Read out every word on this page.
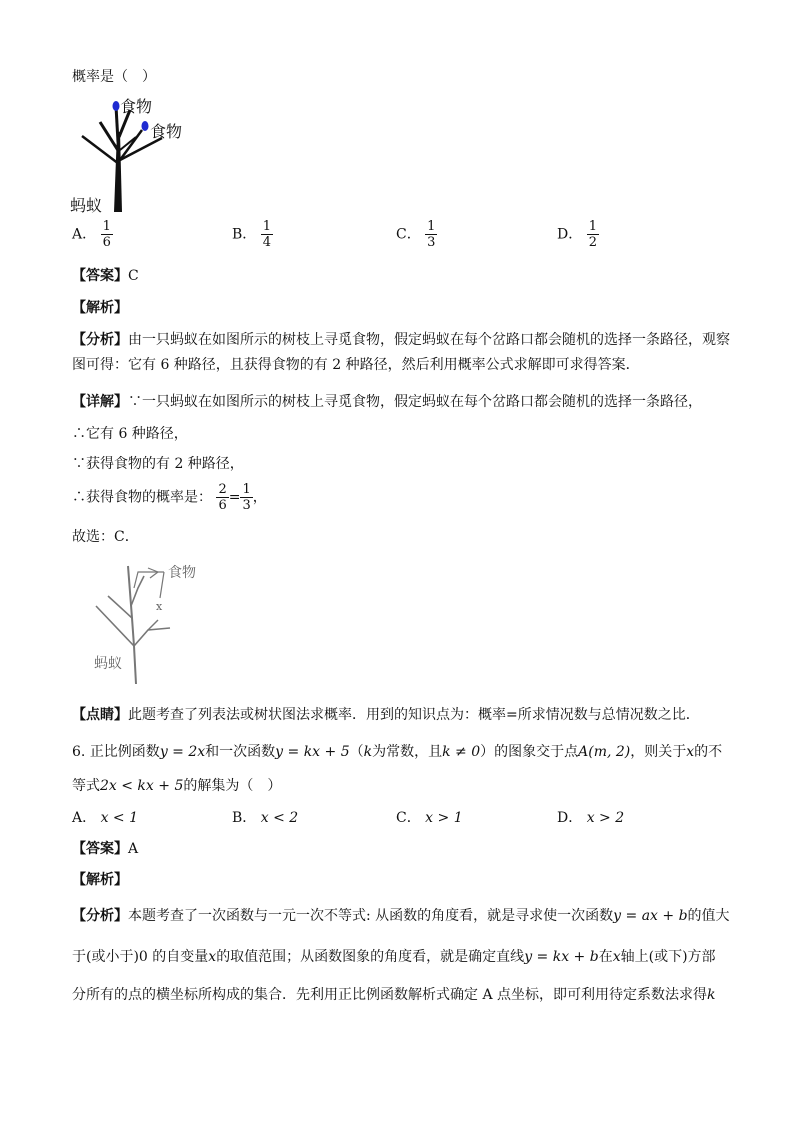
概率是（　）
食物
食物
蚂蚁
A． $\frac{1}{6}$	B． $\frac{1}{4}$	C． $\frac{1}{3}$	D． $\frac{1}{2}$
【答案】C
【解析】
【分析】由一只蚂蚁在如图所示的树枝上寻觅食物，假定蚂蚁在每个岔路口都会随机的选择一条路径，观察图可得：它有 6 种路径，且获得食物的有 2 种路径，然后利用概率公式求解即可求得答案．
【详解】∵一只蚂蚁在如图所示的树枝上寻觅食物，假定蚂蚁在每个岔路口都会随机的选择一条路径，
∴它有 6 种路径，
∵获得食物的有 2 种路径，
∴获得食物的概率是： $\frac{2}{6} = \frac{1}{3}$ ，
故选：C．
食物
x
蚂蚁
【点睛】此题考查了列表法或树状图法求概率．用到的知识点为：概率=所求情况数与总情况数之比．
6. 正比例函数y = 2x和一次函数y = kx + 5（k为常数，且k ≠ 0）的图象交于点A(m, 2)，则关于x的不
等式2x < kx + 5的解集为（　）
A． x < 1	B． x < 2	C． x > 1	D． x > 2
【答案】A
【解析】
【分析】本题考查了一次函数与一元一次不等式: 从函数的角度看，就是寻求使一次函数y = ax + b的值大
于(或小于)0 的自变量x的取值范围；从函数图象的角度看，就是确定直线y = kx + b在x轴上(或下)方部
分所有的点的横坐标所构成的集合．先利用正比例函数解析式确定 A 点坐标，即可利用待定系数法求得k
